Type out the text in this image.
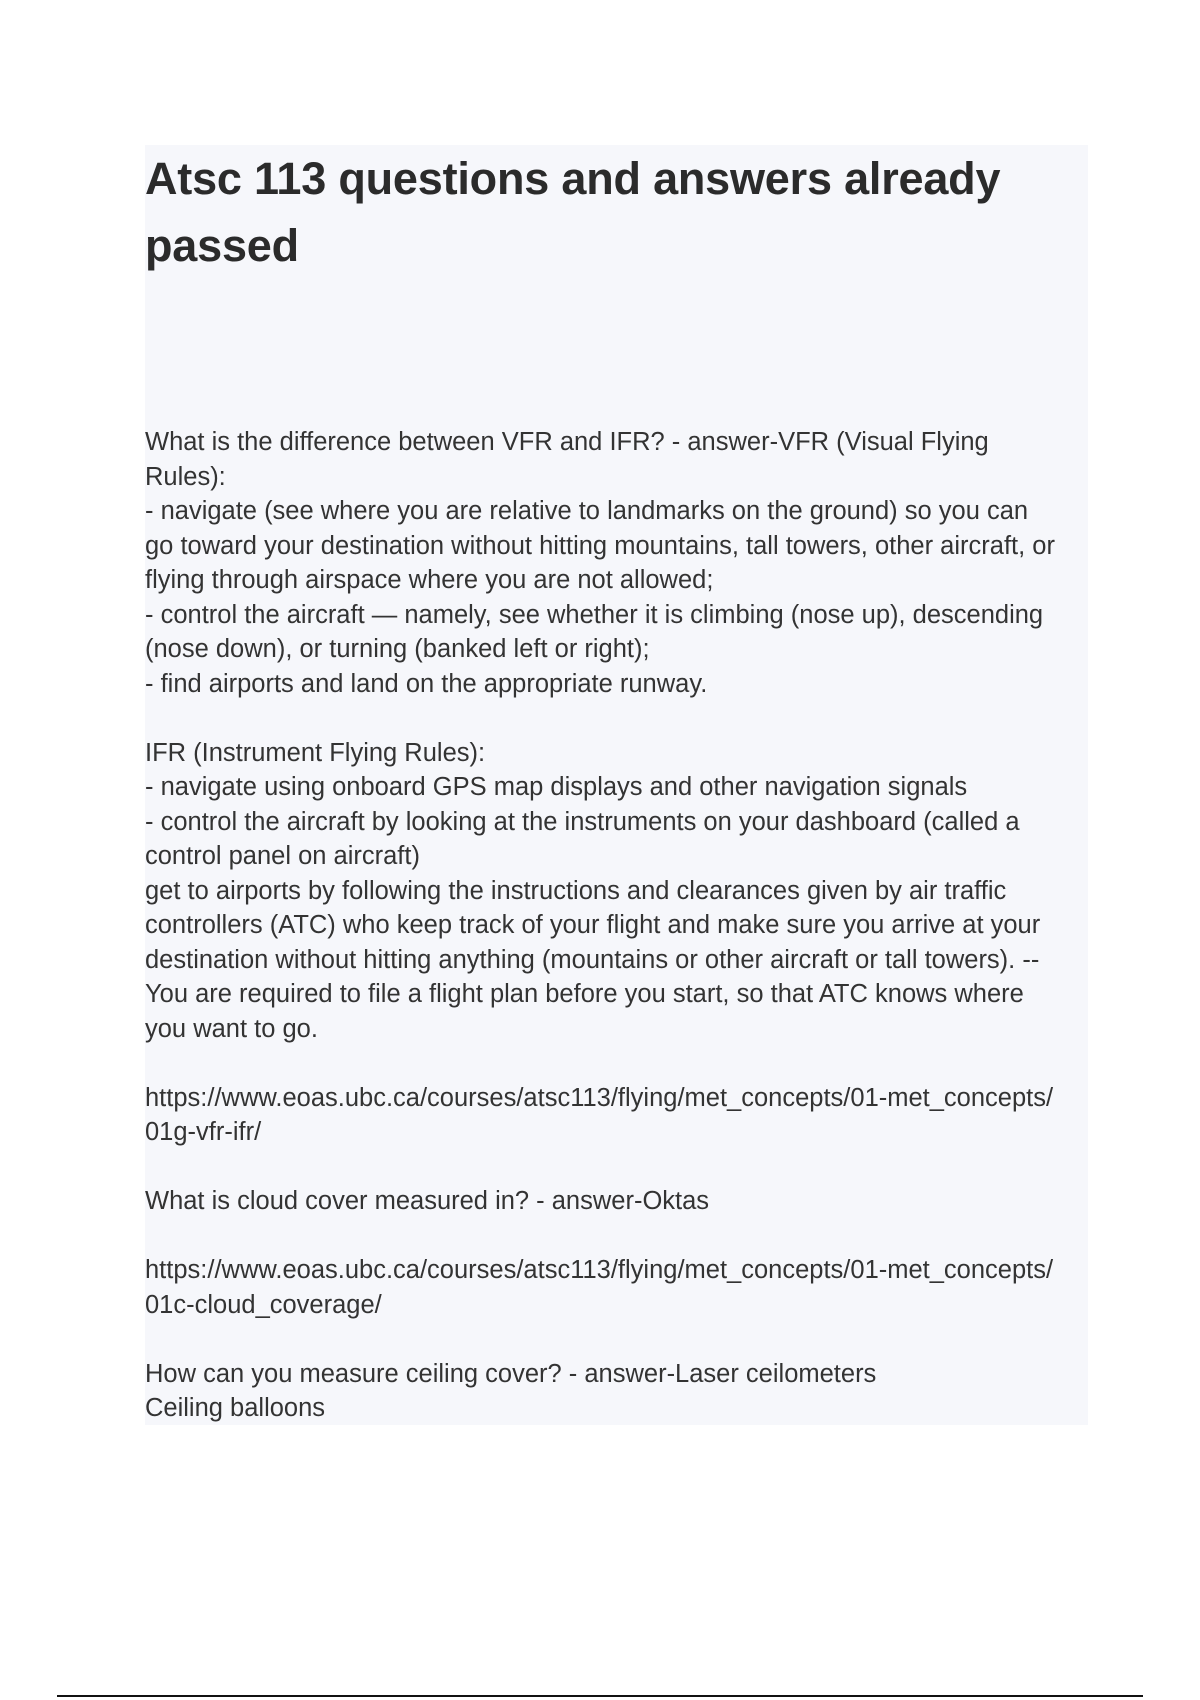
Atsc 113 questions and answers already
passed
What is the difference between VFR and IFR? - answer-VFR (Visual Flying
Rules):
- navigate (see where you are relative to landmarks on the ground) so you can
go toward your destination without hitting mountains, tall towers, other aircraft, or
flying through airspace where you are not allowed;
- control the aircraft — namely, see whether it is climbing (nose up), descending
(nose down), or turning (banked left or right);
- find airports and land on the appropriate runway.
IFR (Instrument Flying Rules):
- navigate using onboard GPS map displays and other navigation signals
- control the aircraft by looking at the instruments on your dashboard (called a
control panel on aircraft)
get to airports by following the instructions and clearances given by air traffic
controllers (ATC) who keep track of your flight and make sure you arrive at your
destination without hitting anything (mountains or other aircraft or tall towers). --
You are required to file a flight plan before you start, so that ATC knows where
you want to go.
https://www.eoas.ubc.ca/courses/atsc113/flying/met_concepts/01-met_concepts/
01g-vfr-ifr/
What is cloud cover measured in? - answer-Oktas
https://www.eoas.ubc.ca/courses/atsc113/flying/met_concepts/01-met_concepts/
01c-cloud_coverage/
How can you measure ceiling cover? - answer-Laser ceilometers
Ceiling balloons
